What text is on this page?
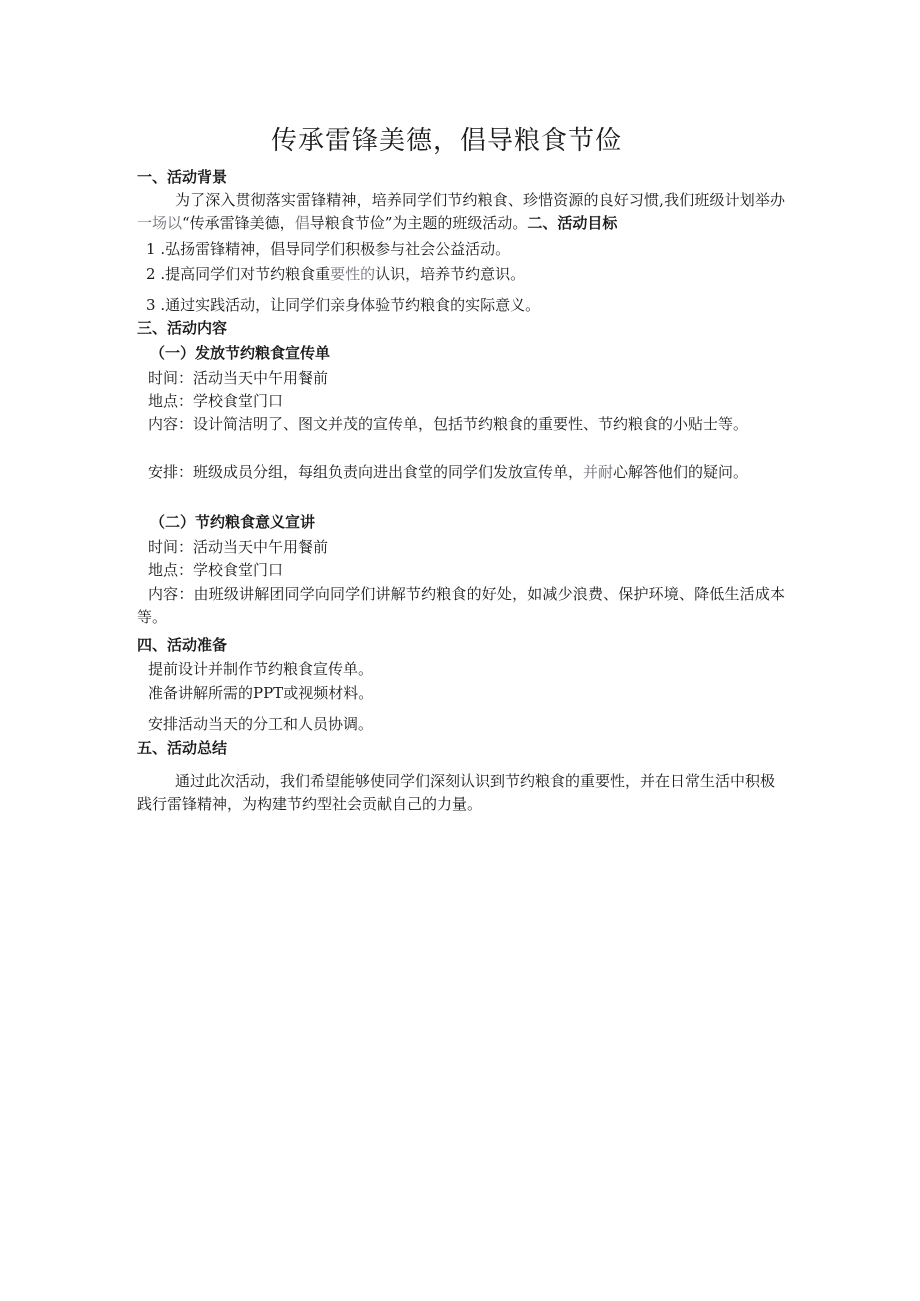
传承雷锋美德，倡导粮食节俭
一、活动背景
为了深入贯彻落实雷锋精神，培养同学们节约粮食、珍惜资源的良好习惯,我们班级计划举办一场以“传承雷锋美德，倡导粮食节俭”为主题的班级活动。二、活动目标
1 .弘扬雷锋精神，倡导同学们积极参与社会公益活动。
2 .提高同学们对节约粮食重要性的认识，培养节约意识。
3 .通过实践活动，让同学们亲身体验节约粮食的实际意义。
三、活动内容
（一）发放节约粮食宣传单
时间：活动当天中午用餐前
地点：学校食堂门口
内容：设计简洁明了、图文并茂的宣传单，包括节约粮食的重要性、节约粮食的小贴士等。
安排：班级成员分组，每组负责向进出食堂的同学们发放宣传单，并耐心解答他们的疑问。
（二）节约粮食意义宣讲
时间：活动当天中午用餐前
地点：学校食堂门口
内容：由班级讲解团同学向同学们讲解节约粮食的好处，如减少浪费、保护环境、降低生活成本等。
四、活动准备
提前设计并制作节约粮食宣传单。
准备讲解所需的PPT或视频材料。
安排活动当天的分工和人员协调。
五、活动总结
通过此次活动，我们希望能够使同学们深刻认识到节约粮食的重要性，并在日常生活中积极践行雷锋精神，为构建节约型社会贡献自己的力量。
